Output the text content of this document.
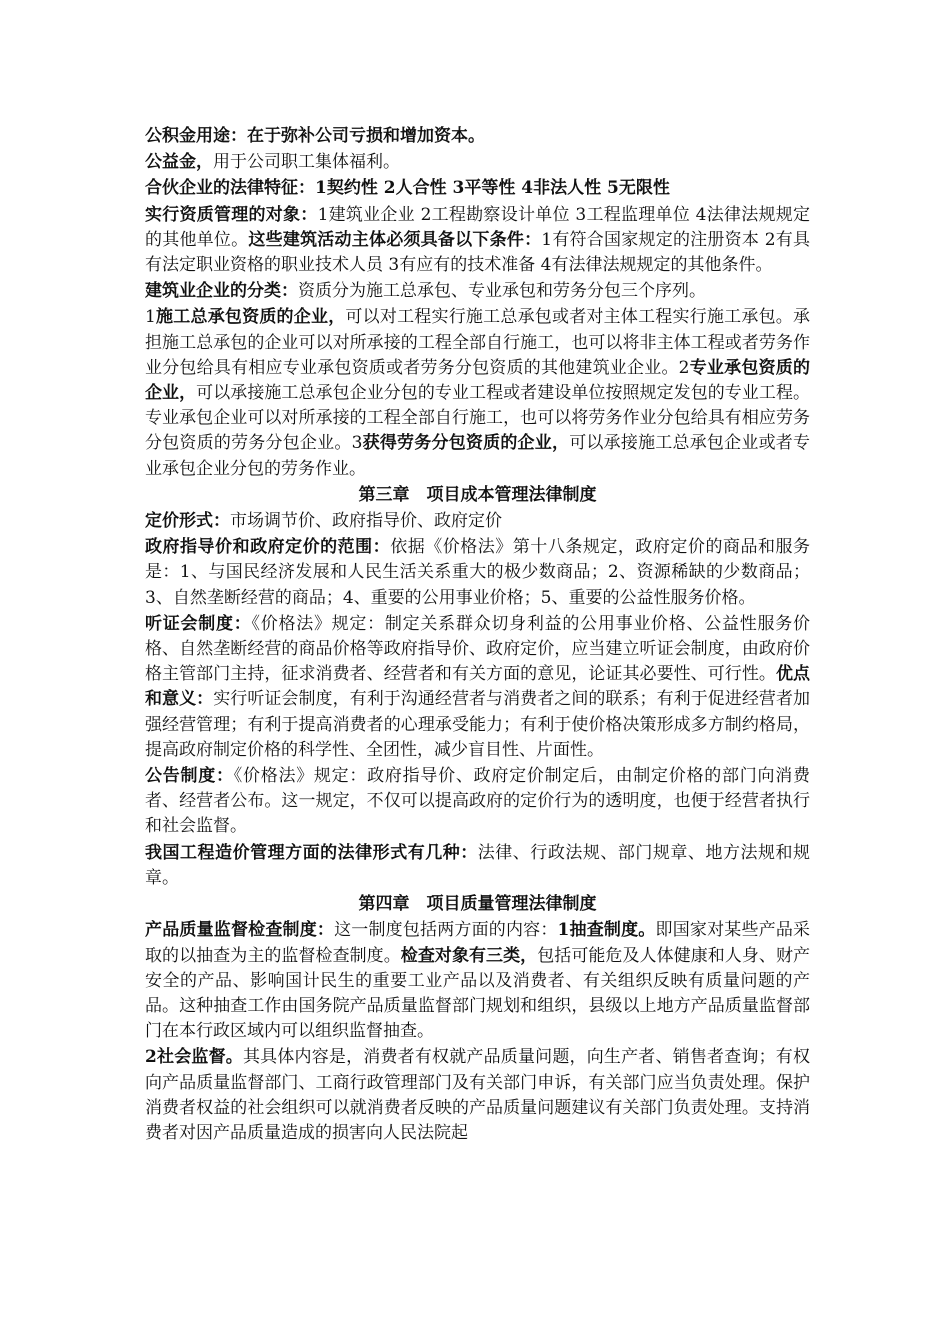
公积金用途：在于弥补公司亏损和增加资本。

公益金，用于公司职工集体福利。

合伙企业的法律特征：1契约性 2人合性 3平等性 4非法人性 5无限性

实行资质管理的对象：1建筑业企业 2工程勘察设计单位 3工程监理单位 4法律法规规定的其他单位。这些建筑活动主体必须具备以下条件：1有符合国家规定的注册资本 2有具有法定职业资格的职业技术人员 3有应有的技术准备 4有法律法规规定的其他条件。

建筑业企业的分类：资质分为施工总承包、专业承包和劳务分包三个序列。

1施工总承包资质的企业，可以对工程实行施工总承包或者对主体工程实行施工承包。承担施工总承包的企业可以对所承接的工程全部自行施工，也可以将非主体工程或者劳务作业分包给具有相应专业承包资质或者劳务分包资质的其他建筑业企业。2专业承包资质的企业，可以承接施工总承包企业分包的专业工程或者建设单位按照规定发包的专业工程。专业承包企业可以对所承接的工程全部自行施工，也可以将劳务作业分包给具有相应劳务分包资质的劳务分包企业。3获得劳务分包资质的企业，可以承接施工总承包企业或者专业承包企业分包的劳务作业。

第三章 项目成本管理法律制度

定价形式：市场调节价、政府指导价、政府定价

政府指导价和政府定价的范围：依据《价格法》第十八条规定，政府定价的商品和服务是：1、与国民经济发展和人民生活关系重大的极少数商品；2、资源稀缺的少数商品；3、自然垄断经营的商品；4、重要的公用事业价格；5、重要的公益性服务价格。

听证会制度：《价格法》规定：制定关系群众切身利益的公用事业价格、公益性服务价格、自然垄断经营的商品价格等政府指导价、政府定价，应当建立听证会制度，由政府价格主管部门主持，征求消费者、经营者和有关方面的意见，论证其必要性、可行性。优点和意义：实行听证会制度，有利于沟通经营者与消费者之间的联系；有利于促进经营者加强经营管理；有利于提高消费者的心理承受能力；有利于使价格决策形成多方制约格局，提高政府制定价格的科学性、全团性，减少盲目性、片面性。

公告制度：《价格法》规定：政府指导价、政府定价制定后，由制定价格的部门向消费者、经营者公布。这一规定，不仅可以提高政府的定价行为的透明度，也便于经营者执行和社会监督。

我国工程造价管理方面的法律形式有几种：法律、行政法规、部门规章、地方法规和规章。

第四章 项目质量管理法律制度

产品质量监督检查制度：这一制度包括两方面的内容：1抽查制度。即国家对某些产品采取的以抽查为主的监督检查制度。检查对象有三类，包括可能危及人体健康和人身、财产安全的产品、影响国计民生的重要工业产品以及消费者、有关组织反映有质量问题的产品。这种抽查工作由国务院产品质量监督部门规划和组织，县级以上地方产品质量监督部门在本行政区域内可以组织监督抽查。

2社会监督。其具体内容是，消费者有权就产品质量问题，向生产者、销售者查询；有权向产品质量监督部门、工商行政管理部门及有关部门申诉，有关部门应当负责处理。保护消费者权益的社会组织可以就消费者反映的产品质量问题建议有关部门负责处理。支持消费者对因产品质量造成的损害向人民法院起
